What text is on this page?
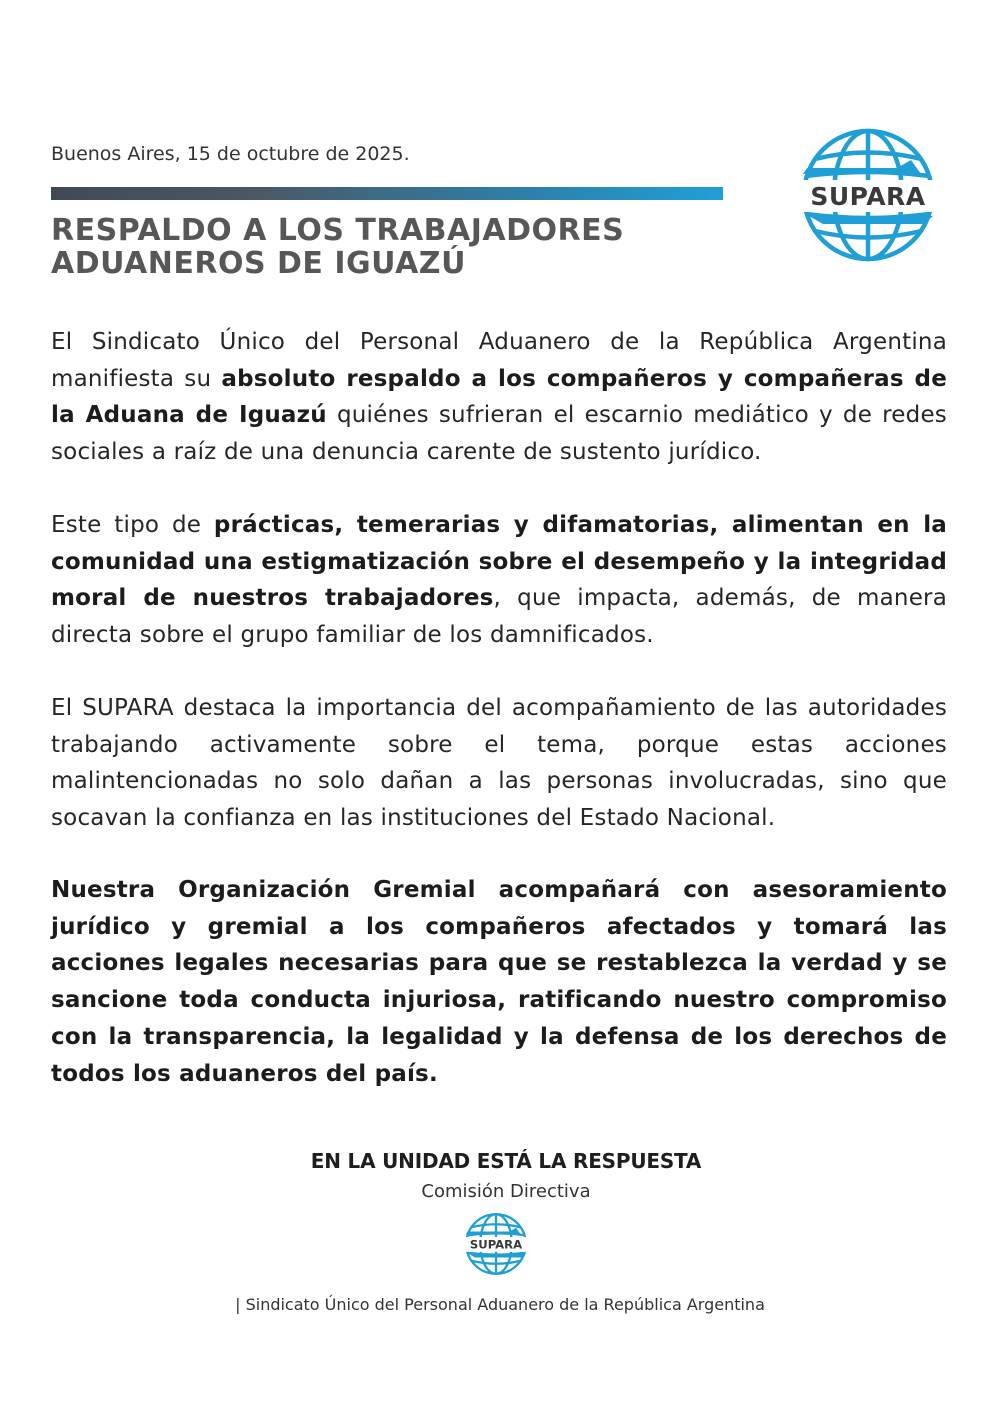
Buenos Aires, 15 de octubre de 2025.
RESPALDO A LOS TRABAJADORES
ADUANEROS DE IGUAZÚ
SUPARA

El Sindicato Único del Personal Aduanero de la República Argentina manifiesta su absoluto respaldo a los compañeros y compañeras de la Aduana de Iguazú quiénes sufrieran el escarnio mediático y de redes sociales a raíz de una denuncia carente de sustento jurídico.

Este tipo de prácticas, temerarias y difamatorias, alimentan en la comunidad una estigmatización sobre el desempeño y la integridad moral de nuestros trabajadores, que impacta, además, de manera directa sobre el grupo familiar de los damnificados.

El SUPARA destaca la importancia del acompañamiento de las autoridades trabajando activamente sobre el tema, porque estas acciones malintencionadas no solo dañan a las personas involucradas, sino que socavan la confianza en las instituciones del Estado Nacional.

Nuestra Organización Gremial acompañará con asesoramiento jurídico y gremial a los compañeros afectados y tomará las acciones legales necesarias para que se restablezca la verdad y se sancione toda conducta injuriosa, ratificando nuestro compromiso con la transparencia, la legalidad y la defensa de los derechos de todos los aduaneros del país.

EN LA UNIDAD ESTÁ LA RESPUESTA
Comisión Directiva
SUPARA
| Sindicato Único del Personal Aduanero de la República Argentina
